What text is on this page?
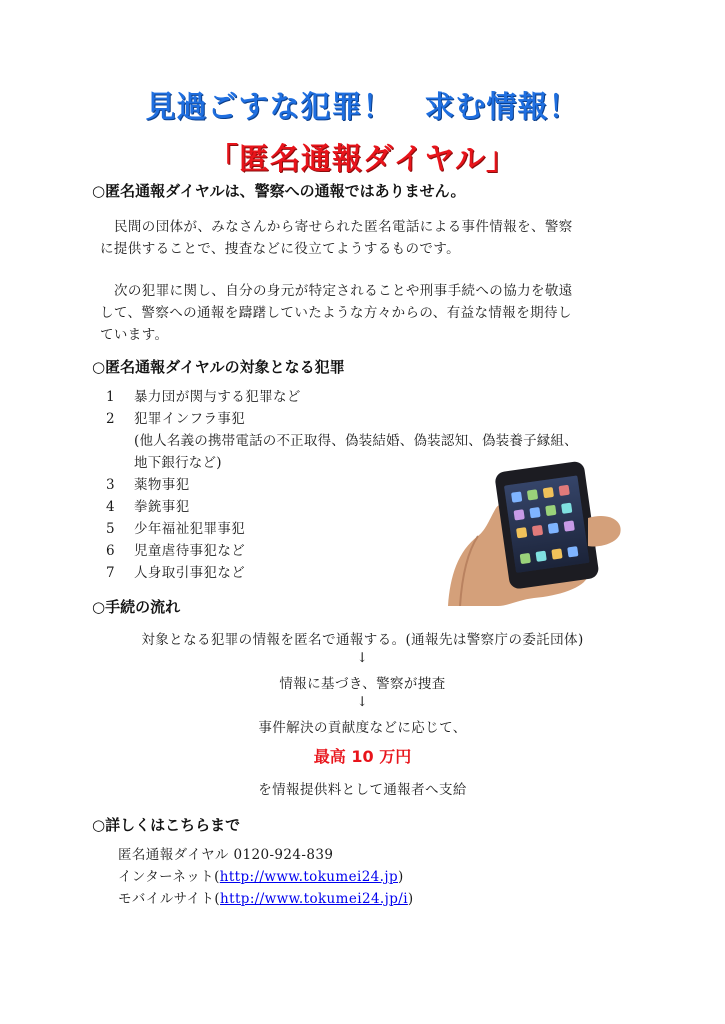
見過ごすな犯罪！　求む情報！
「匿名通報ダイヤル」
○匿名通報ダイヤルは、警察への通報ではありません。
民間の団体が、みなさんから寄せられた匿名電話による事件情報を、警察
に提供することで、捜査などに役立てようするものです。
次の犯罪に関し、自分の身元が特定されることや刑事手続への協力を敬遠
して、警察への通報を躊躇していたような方々からの、有益な情報を期待し
ています。
○匿名通報ダイヤルの対象となる犯罪
1	暴力団が関与する犯罪など
2	犯罪インフラ事犯
(他人名義の携帯電話の不正取得、偽装結婚、偽装認知、偽装養子縁組、
地下銀行など)
3	薬物事犯
4	拳銃事犯
5	少年福祉犯罪事犯
6	児童虐待事犯など
7	人身取引事犯など
○手続の流れ
対象となる犯罪の情報を匿名で通報する。(通報先は警察庁の委託団体)
↓
情報に基づき、警察が捜査
↓
事件解決の貢献度などに応じて、
最高 10 万円
を情報提供料として通報者へ支給
○詳しくはこちらまで
匿名通報ダイヤル 0120-924-839
インターネット(http://www.tokumei24.jp)
モバイルサイト(http://www.tokumei24.jp/i)
